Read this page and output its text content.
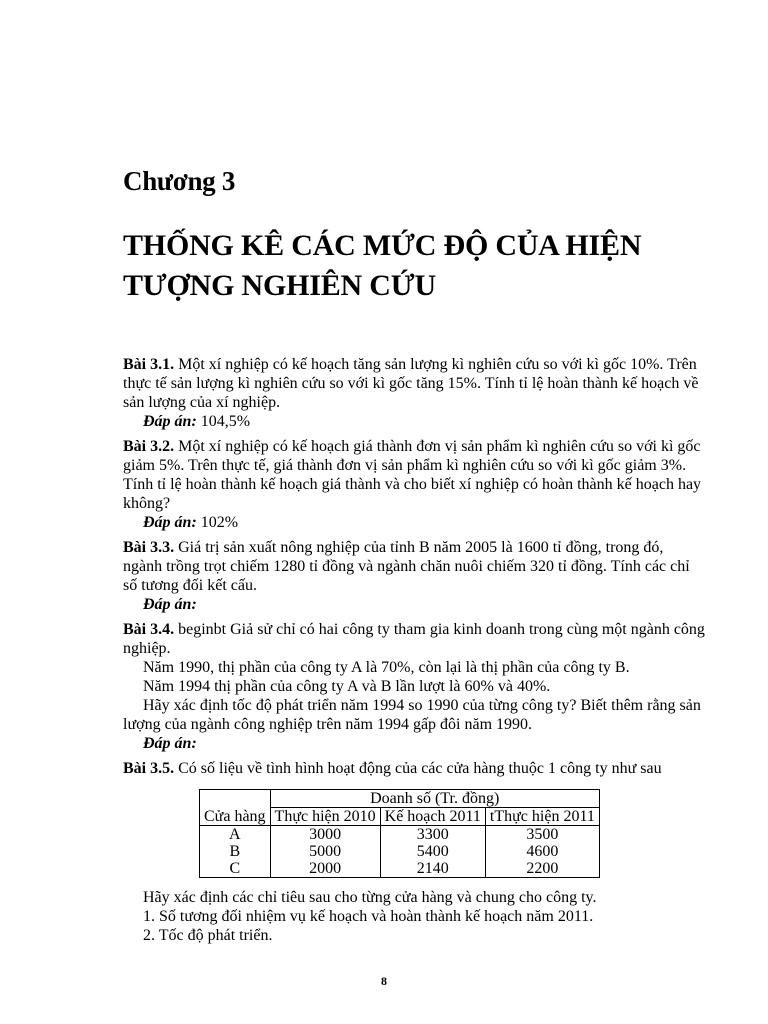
Chương 3
THỐNG KÊ CÁC MỨC ĐỘ CỦA HIỆN
TƯỢNG NGHIÊN CỨU

Bài 3.1. Một xí nghiệp có kế hoạch tăng sản lượng kì nghiên cứu so với kì gốc 10%. Trên thực tế sản lượng kì nghiên cứu so với kì gốc tăng 15%. Tính tỉ lệ hoàn thành kế hoạch về sản lượng của xí nghiệp.

Đáp án: 104,5%

Bài 3.2. Một xí nghiệp có kế hoạch giá thành đơn vị sản phẩm kì nghiên cứu so với kì gốc giảm 5%. Trên thực tế, giá thành đơn vị sản phẩm kì nghiên cứu so với kì gốc giảm 3%. Tính tỉ lệ hoàn thành kế hoạch giá thành và cho biết xí nghiệp có hoàn thành kế hoạch hay không?

Đáp án: 102%

Bài 3.3. Giá trị sản xuất nông nghiệp của tỉnh B năm 2005 là 1600 tỉ đồng, trong đó, ngành trồng trọt chiếm 1280 tỉ đồng và ngành chăn nuôi chiếm 320 tỉ đồng. Tính các chỉ số tương đối kết cấu.

Đáp án:

Bài 3.4. beginbt Giả sử chỉ có hai công ty tham gia kinh doanh trong cùng một ngành công nghiệp.

Năm 1990, thị phần của công ty A là 70%, còn lại là thị phần của công ty B.

Năm 1994 thị phần của công ty A và B lần lượt là 60% và 40%.

Hãy xác định tốc độ phát triển năm 1994 so 1990 của từng công ty? Biết thêm rằng sản lượng của ngành công nghiệp trên năm 1994 gấp đôi năm 1990.

Đáp án:

Bài 3.5. Có số liệu về tình hình hoạt động của các cửa hàng thuộc 1 công ty như sau

Cửa hàng	Doanh số (Tr. đồng)		
	Thực hiện 2010	Kế hoạch 2011	tThực hiện 2011
A	3000	3300	3500
B	5000	5400	4600
C	2000	2140	2200

Hãy xác định các chỉ tiêu sau cho từng cửa hàng và chung cho công ty.

1. Số tương đối nhiệm vụ kế hoạch và hoàn thành kế hoạch năm 2011.

2. Tốc độ phát triển.

8
